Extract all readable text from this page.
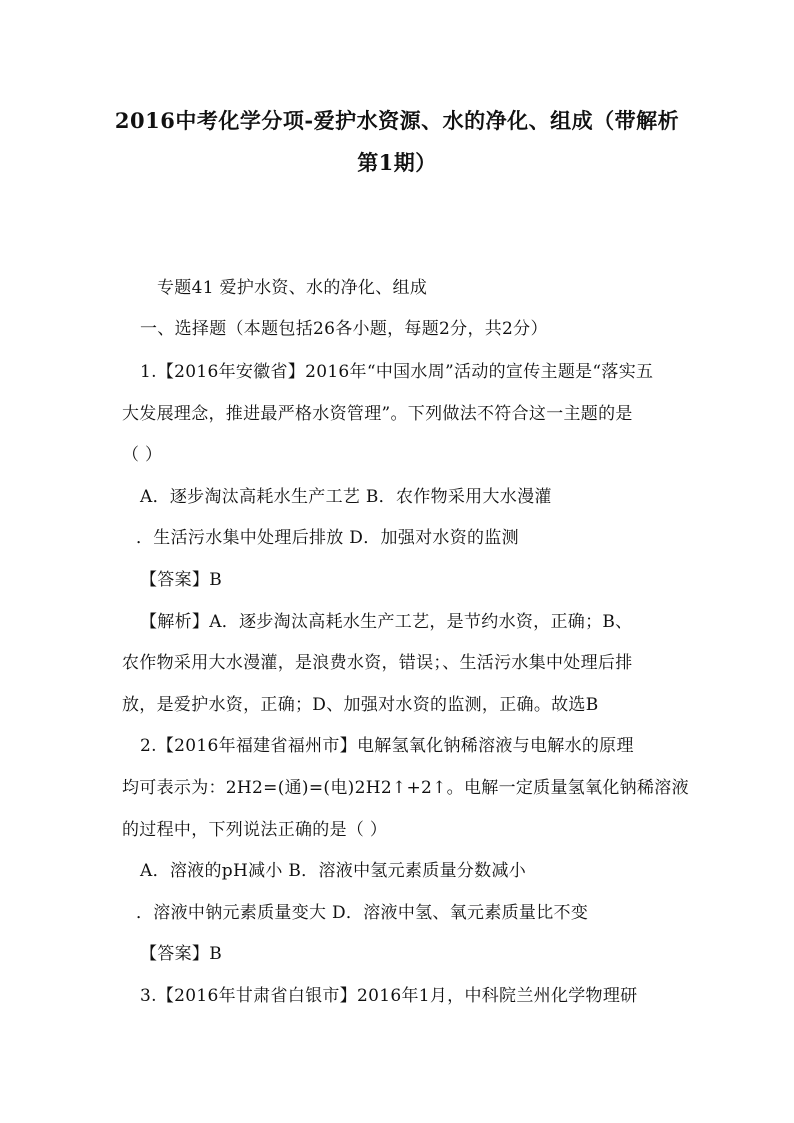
2016中考化学分项-爱护水资源、水的净化、组成（带解析
第1期）
专题41 爱护水资、水的净化、组成
一、选择题（本题包括26各小题，每题2分，共2分）
1.【2016年安徽省】2016年“中国水周”活动的宣传主题是“落实五
大发展理念，推进最严格水资管理”。下列做法不符合这一主题的是
（ ）
A．逐步淘汰高耗水生产工艺 B．农作物采用大水漫灌
．生活污水集中处理后排放 D．加强对水资的监测
【答案】B
【解析】A．逐步淘汰高耗水生产工艺，是节约水资，正确；B、
农作物采用大水漫灌，是浪费水资，错误；、生活污水集中处理后排
放，是爱护水资，正确；D、加强对水资的监测，正确。故选B
2.【2016年福建省福州市】电解氢氧化钠稀溶液与电解水的原理
均可表示为：2H2=(通)=(电)2H2↑+2↑。电解一定质量氢氧化钠稀溶液
的过程中，下列说法正确的是（ ）
A．溶液的pH减小 B．溶液中氢元素质量分数减小
．溶液中钠元素质量变大 D．溶液中氢、氧元素质量比不变
【答案】B
3.【2016年甘肃省白银市】2016年1月，中科院兰州化学物理研
